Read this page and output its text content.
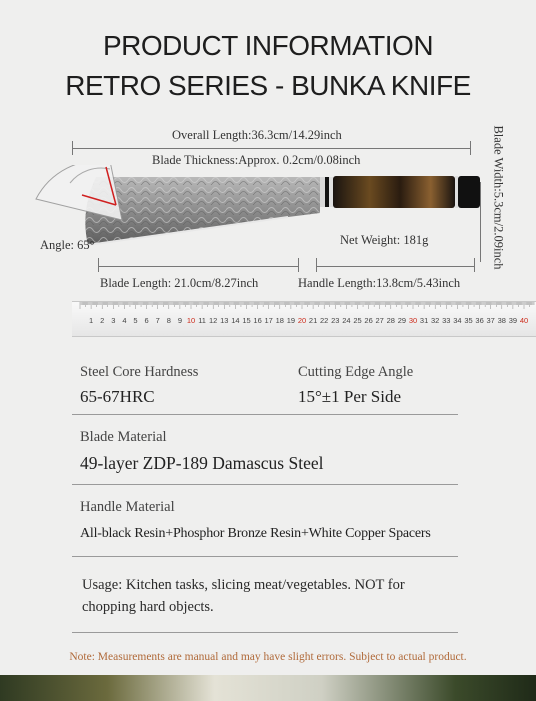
PRODUCT INFORMATION
RETRO SERIES - BUNKA KNIFE
Overall Length:36.3cm/14.29inch
Blade Thickness:Approx. 0.2cm/0.08inch
Angle: 65°	Net Weight: 181g	Blade Width:5.3cm/2.09inch
Blade Length: 21.0cm/8.27inch	Handle Length:13.8cm/5.43inch
1 2 3 4 5 6 7 8 9 10 11 12 13 14 15 16 17 18 19 20 21 22 23 24 25 26 27 28 29 30 31 32 33 34 35 36 37 38 39 40
Steel Core Hardness
65-67HRC
Cutting Edge Angle
15°±1 Per Side
Blade Material
49-layer ZDP-189 Damascus Steel
Handle Material
All-black Resin+Phosphor Bronze Resin+White Copper Spacers
Usage: Kitchen tasks, slicing meat/vegetables. NOT for
chopping hard objects.
Note: Measurements are manual and may have slight errors. Subject to actual product.
